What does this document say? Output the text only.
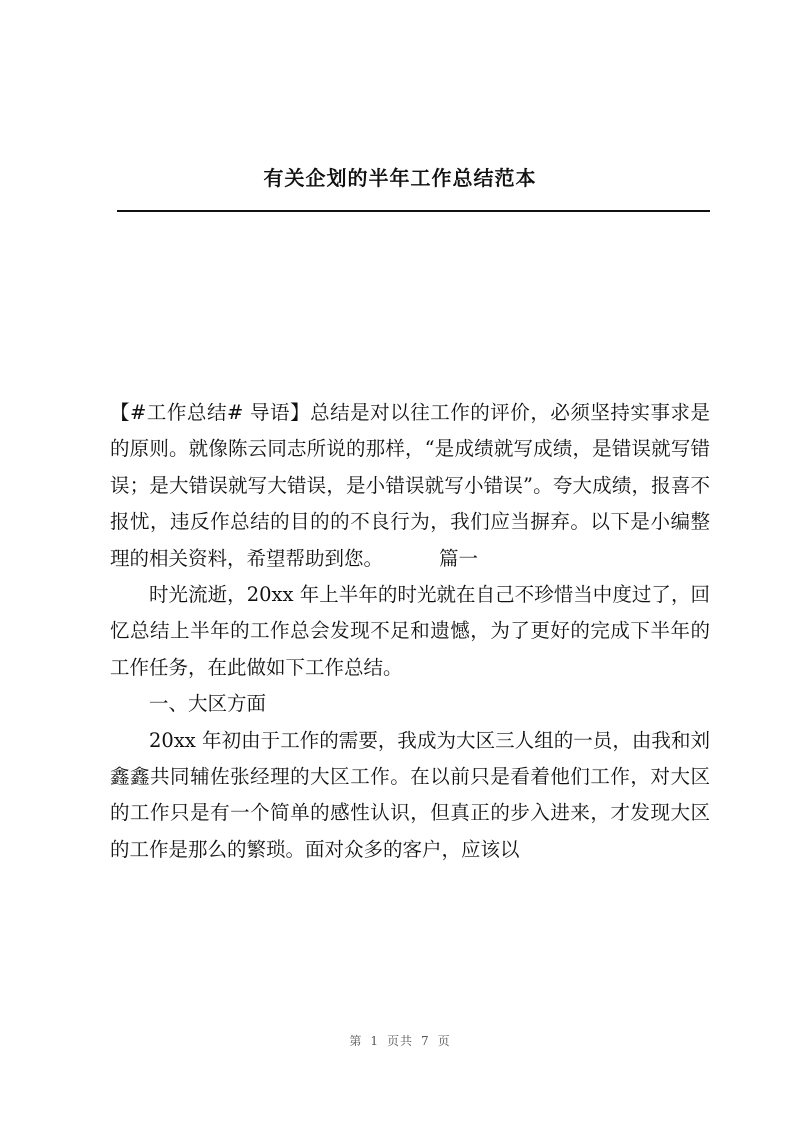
有关企划的半年工作总结范本

【#工作总结# 导语】总结是对以往工作的评价，必须坚持实事求是的原则。就像陈云同志所说的那样，“是成绩就写成绩，是错误就写错误；是大错误就写大错误，是小错误就写小错误”。夸大成绩，报喜不报忧，违反作总结的目的的不良行为，我们应当摒弃。以下是小编整理的相关资料，希望帮助到您。	篇一

时光流逝，20xx 年上半年的时光就在自己不珍惜当中度过了，回忆总结上半年的工作总会发现不足和遗憾，为了更好的完成下半年的工作任务，在此做如下工作总结。

一、大区方面

20xx 年初由于工作的需要，我成为大区三人组的一员，由我和刘鑫鑫共同辅佐张经理的大区工作。在以前只是看着他们工作，对大区的工作只是有一个简单的感性认识，但真正的步入进来，才发现大区的工作是那么的繁琐。面对众多的客户，应该以

第 1 页共 7 页
